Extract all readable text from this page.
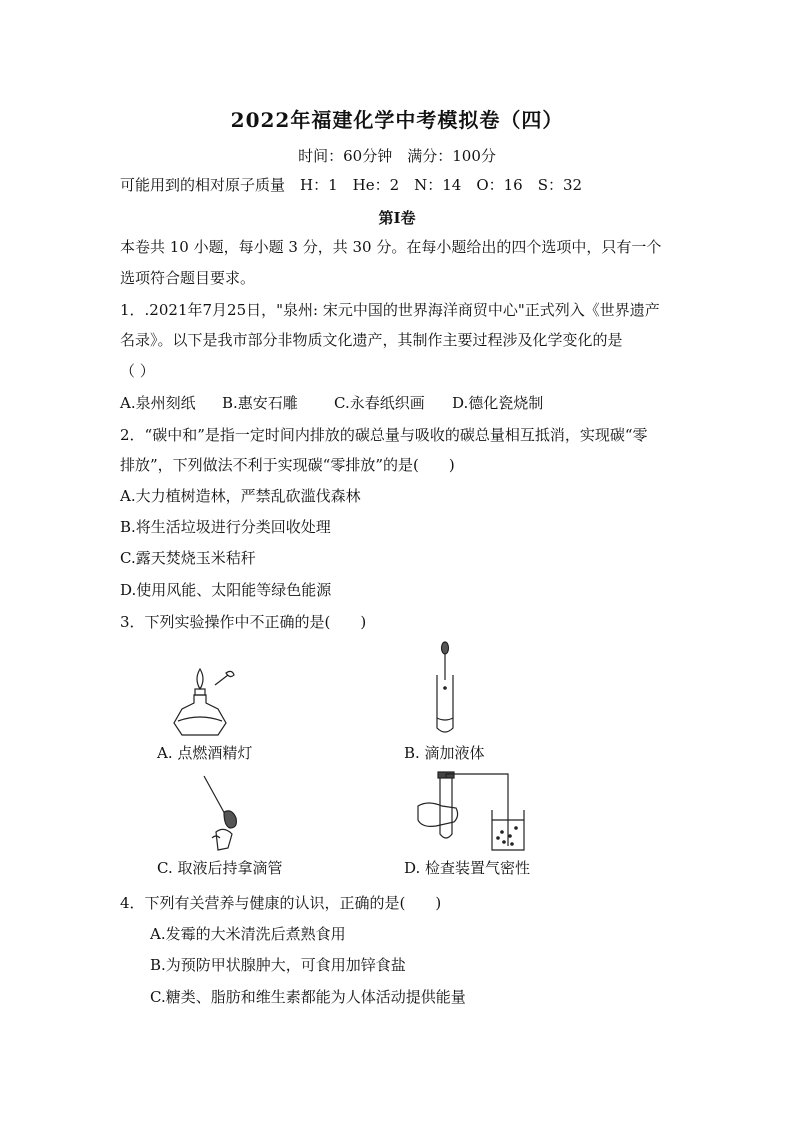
2022年福建化学中考模拟卷（四）
时间：60分钟　满分：100分
可能用到的相对原子质量　H：1　He：2　N：14　O：16　S：32
第Ⅰ卷
本卷共 10 小题，每小题 3 分，共 30 分。在每小题给出的四个选项中，只有一个
选项符合题目要求。
1．.2021年7月25日，"泉州: 宋元中国的世界海洋商贸中心"正式列入《世界遗产
名录》。以下是我市部分非物质文化遗产，其制作主要过程涉及化学变化的是
（ ）
A.泉州刻纸 B.惠安石雕 C.永春纸织画 D.德化瓷烧制
2．“碳中和”是指一定时间内排放的碳总量与吸收的碳总量相互抵消，实现碳“零
排放”，下列做法不利于实现碳“零排放”的是(　　)
A.大力植树造林，严禁乱砍滥伐森林
B.将生活垃圾进行分类回收处理
C.露天焚烧玉米秸秆
D.使用风能、太阳能等绿色能源
3．下列实验操作中不正确的是(　　)
A. 点燃酒精灯	B. 滴加液体
C. 取液后持拿滴管	D. 检查装置气密性
4．下列有关营养与健康的认识，正确的是(　　)
A.发霉的大米清洗后煮熟食用
B.为预防甲状腺肿大，可食用加锌食盐
C.糖类、脂肪和维生素都能为人体活动提供能量
